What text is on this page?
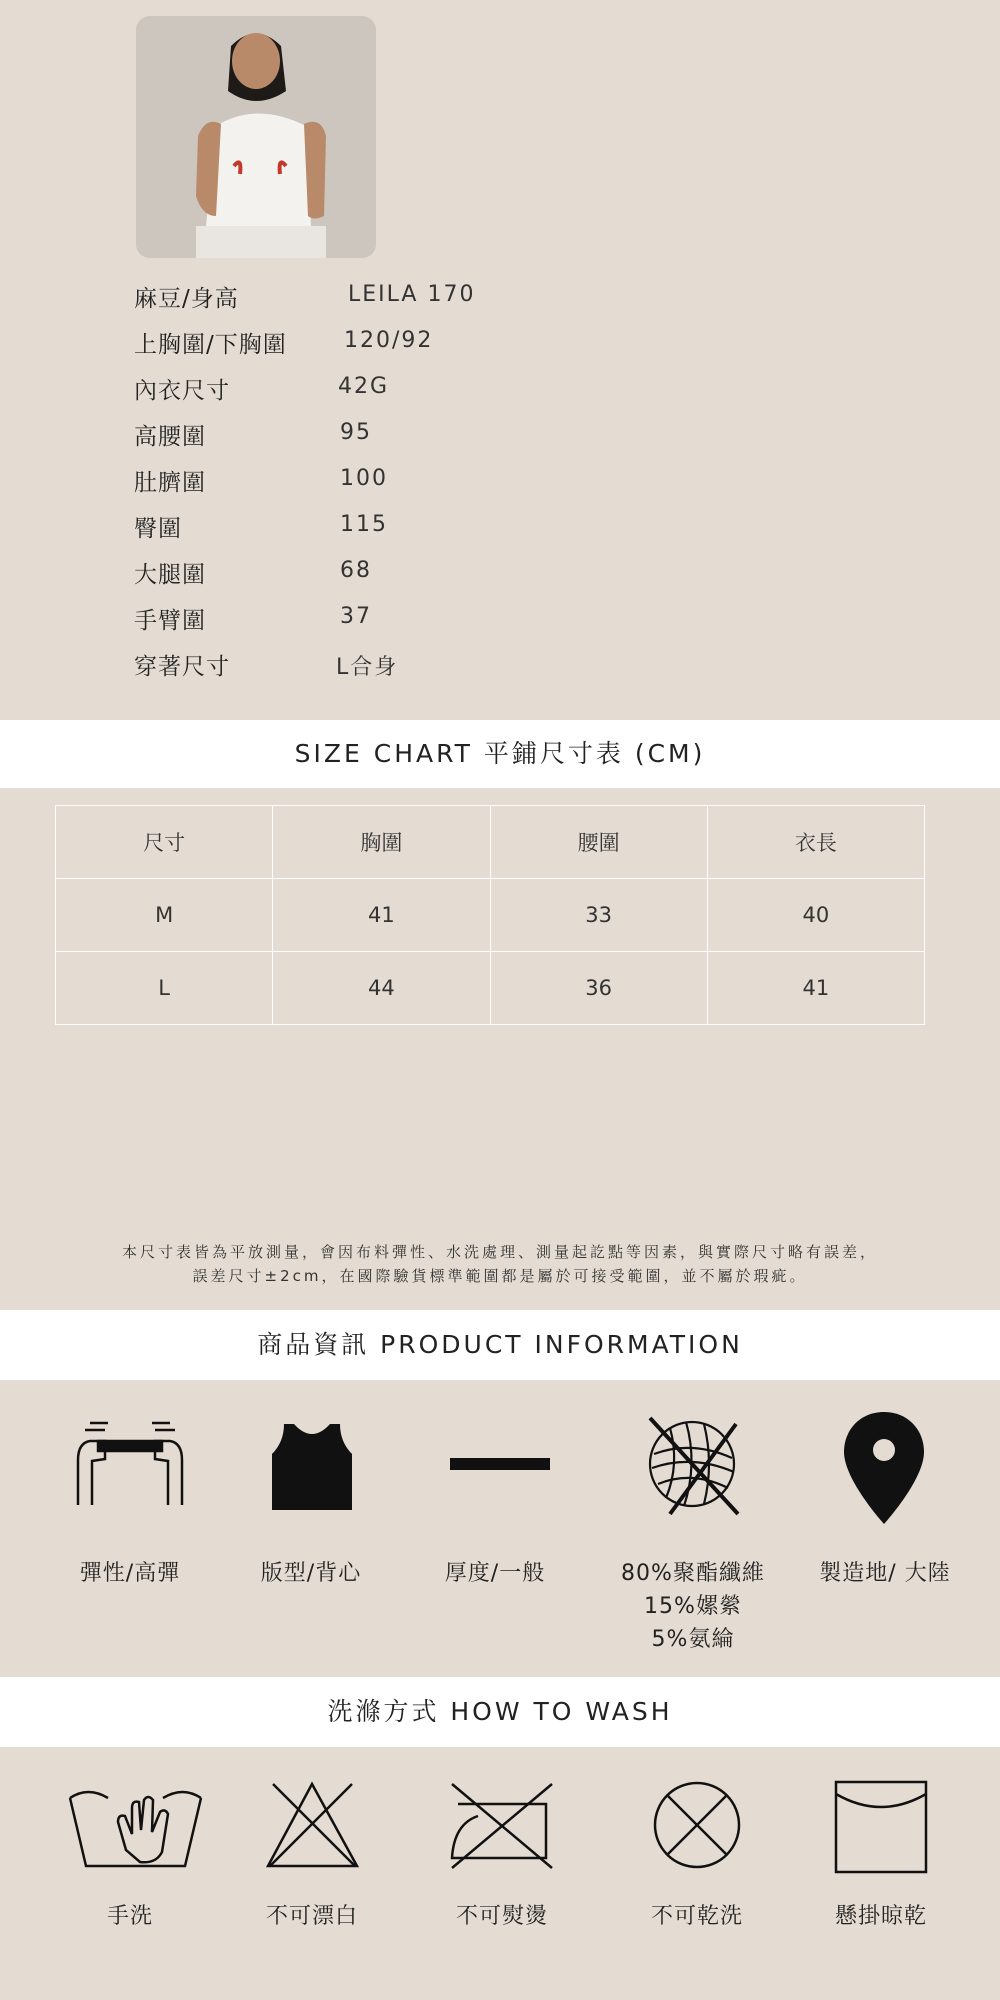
麻豆/身高	LEILA 170
上胸圍/下胸圍	120/92
內衣尺寸	42G
高腰圍	95
肚臍圍	100
臀圍	115
大腿圍	68
手臂圍	37
穿著尺寸	L合身
SIZE CHART 平鋪尺寸表 (CM)
尺寸	胸圍	腰圍	衣長
M	41	33	40
L	44	36	41
本尺寸表皆為平放測量，會因布料彈性、水洗處理、測量起訖點等因素，與實際尺寸略有誤差，
誤差尺寸±2cm，在國際驗貨標準範圍都是屬於可接受範圍，並不屬於瑕疵。
商品資訊 PRODUCT INFORMATION
彈性/高彈	版型/背心	厚度/一般	80%聚酯纖維
15%嫘縈
5%氨綸
製造地/ 大陸
洗滌方式 HOW TO WASH
手洗	不可漂白	不可熨燙	不可乾洗	懸掛晾乾
